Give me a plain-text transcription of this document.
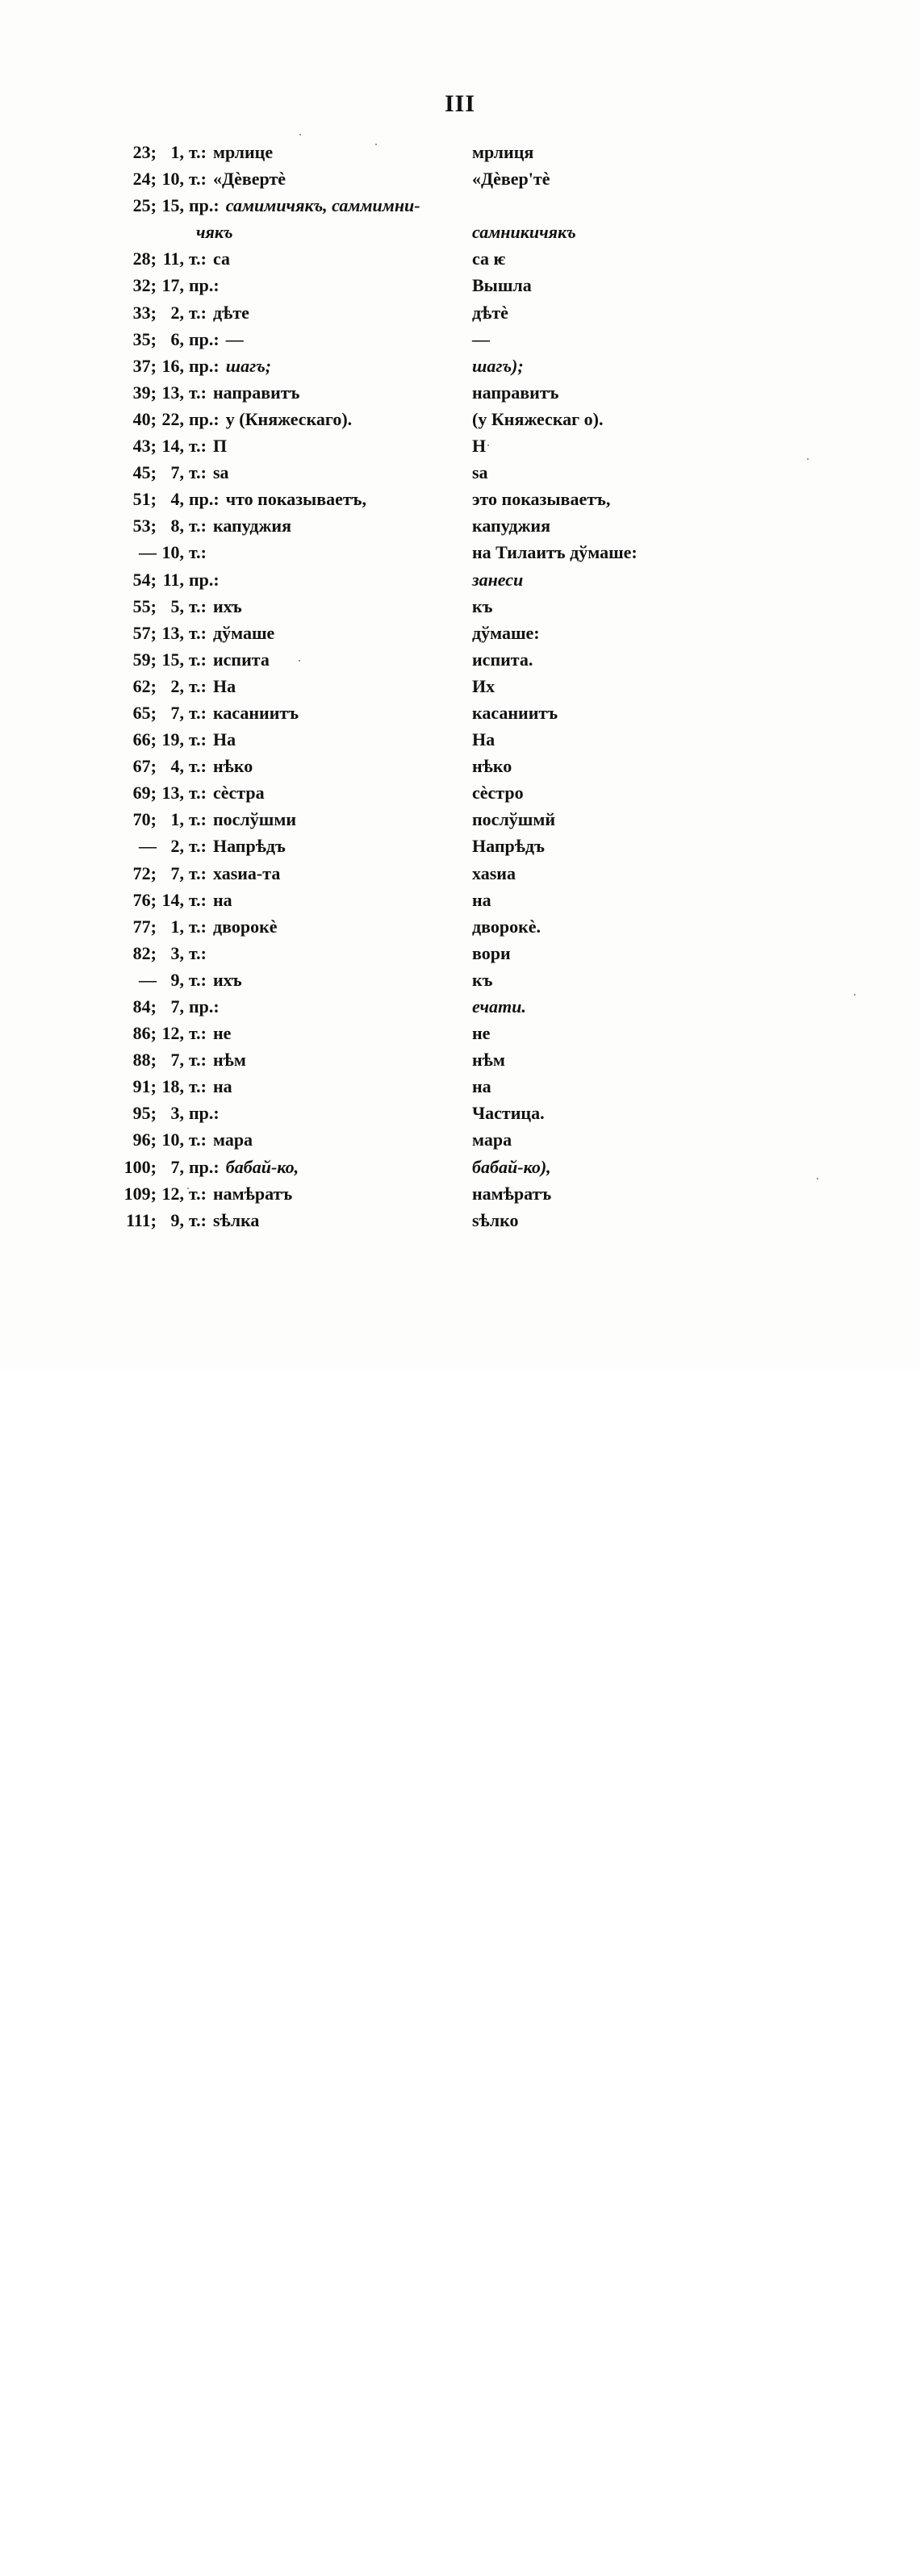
III
23; 1, т.: мрлице	мрлиця
24; 10, т.: «Дѐвертѐ	«Дѐвер'тѐ
25; 15, пр.: самимичякъ, саммимни-
чякъ	самникичякъ
28; 11, т.: са	са ѥ
32; 17, пр.:	Вышла
33; 2, т.: дѣте	дѣтѐ
35; 6, пр.: —	—
37; 16, пр.: шагъ;	шагъ);
39; 13, т.: направитъ	направитъ
40; 22, пр.: у (Княжескаго).	(у Княжескаг о).
43; 14, т.: П	Н
45; 7, т.: ѕа	ѕа
51; 4, пр.: что показываетъ,	это показываетъ,
53; 8, т.: капуджия	капуджия
— 10, т.:	на Тилаитъ дўмаше:
54; 11, пр.:	занеси
55; 5, т.: ихъ	къ
57; 13, т.: дўмаше	дўмаше:
59; 15, т.: испита	испита.
62; 2, т.: На	Их
65; 7, т.: касаниитъ	касаниитъ
66; 19, т.: На	На
67; 4, т.: нѣко	нѣко
69; 13, т.: сѐстра	сѐстро
70; 1, т.: послўшми	послўшмй
— 2, т.: Напрѣдъ	Напрѣдъ
72; 7, т.: хаѕиа-та	хаѕиа
76; 14, т.: на	на
77; 1, т.: дворокѐ	дворокѐ.
82; 3, т.:	вори
— 9, т.: ихъ	къ
84; 7, пр.:	ечати.
86; 12, т.: не	не
88; 7, т.: нѣм	нѣм
91; 18, т.: на	на
95; 3, пр.:	Частица.
96; 10, т.: мара	мара
100; 7, пр.: бабай-ко,	бабай-ко),
109; 12, т.: намѣратъ	намѣратъ
111; 9, т.: ѕѣлка	ѕѣлко
